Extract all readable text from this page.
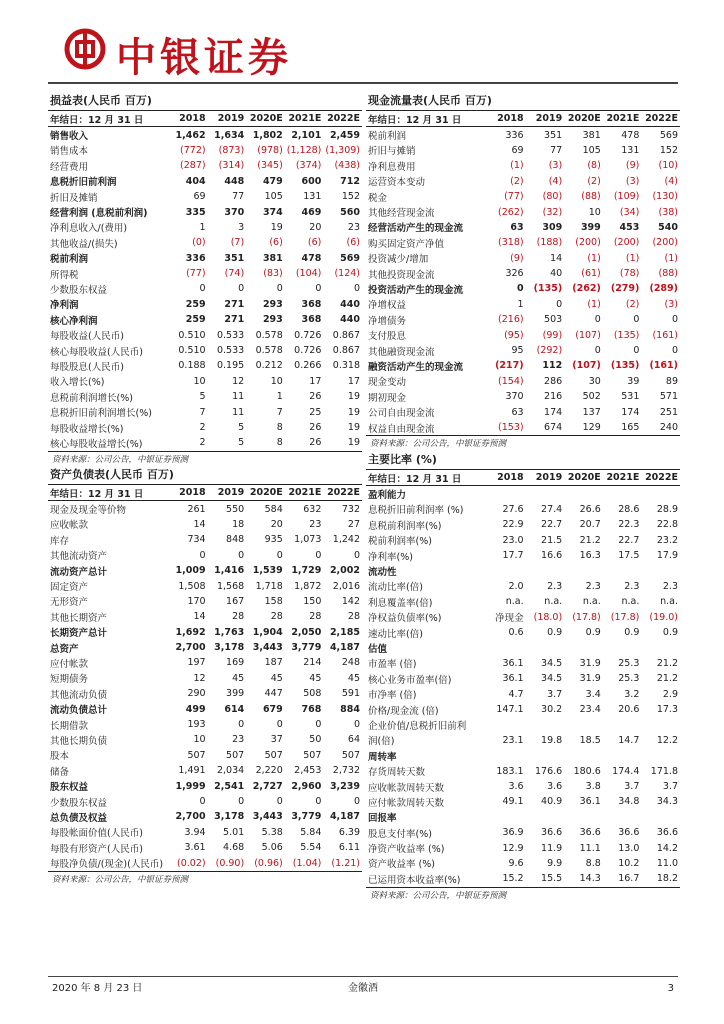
中银证券
损益表(人民币 百万)
年结日：12 月 31 日	2018	2019	2020E	2021E	2022E
销售收入	1,462	1,634	1,802	2,101	2,459
销售成本	(772)	(873)	(978)	(1,128)	(1,309)
经营费用	(287)	(314)	(345)	(374)	(438)
息税折旧前利润	404	448	479	600	712
折旧及摊销	69	77	105	131	152
经营利润 (息税前利润)	335	370	374	469	560
净利息收入/(费用)	1	3	19	20	23
其他收益/(损失)	(0)	(7)	(6)	(6)	(6)
税前利润	336	351	381	478	569
所得税	(77)	(74)	(83)	(104)	(124)
少数股东权益	0	0	0	0	0
净利润	259	271	293	368	440
核心净利润	259	271	293	368	440
每股收益(人民币)	0.510	0.533	0.578	0.726	0.867
核心每股收益(人民币)	0.510	0.533	0.578	0.726	0.867
每股股息(人民币)	0.188	0.195	0.212	0.266	0.318
收入增长(%)	10	12	10	17	17
息税前利润增长(%)	5	11	1	26	19
息税折旧前利润增长(%)	7	11	7	25	19
每股收益增长(%)	2	5	8	26	19
核心每股收益增长(%)	2	5	8	26	19
资料来源：公司公告，中银证券预测
资产负债表(人民币 百万)
年结日：12 月 31 日	2018	2019	2020E	2021E	2022E
现金及现金等价物	261	550	584	632	732
应收帐款	14	18	20	23	27
库存	734	848	935	1,073	1,242
其他流动资产	0	0	0	0	0
流动资产总计	1,009	1,416	1,539	1,729	2,002
固定资产	1,508	1,568	1,718	1,872	2,016
无形资产	170	167	158	150	142
其他长期资产	14	28	28	28	28
长期资产总计	1,692	1,763	1,904	2,050	2,185
总资产	2,700	3,178	3,443	3,779	4,187
应付帐款	197	169	187	214	248
短期债务	12	45	45	45	45
其他流动负债	290	399	447	508	591
流动负债总计	499	614	679	768	884
长期借款	193	0	0	0	0
其他长期负债	10	23	37	50	64
股本	507	507	507	507	507
储备	1,491	2,034	2,220	2,453	2,732
股东权益	1,999	2,541	2,727	2,960	3,239
少数股东权益	0	0	0	0	0
总负债及权益	2,700	3,178	3,443	3,779	4,187
每股帐面价值(人民币)	3.94	5.01	5.38	5.84	6.39
每股有形资产(人民币)	3.61	4.68	5.06	5.54	6.11
每股净负债/(现金)(人民币)	(0.02)	(0.90)	(0.96)	(1.04)	(1.21)
资料来源：公司公告，中银证券预测
现金流量表(人民币 百万)
年结日：12 月 31 日	2018	2019	2020E	2021E	2022E
税前利润	336	351	381	478	569
折旧与摊销	69	77	105	131	152
净利息费用	(1)	(3)	(8)	(9)	(10)
运营资本变动	(2)	(4)	(2)	(3)	(4)
税金	(77)	(80)	(88)	(109)	(130)
其他经营现金流	(262)	(32)	10	(34)	(38)
经营活动产生的现金流	63	309	399	453	540
购买固定资产净值	(318)	(188)	(200)	(200)	(200)
投资减少/增加	(9)	14	(1)	(1)	(1)
其他投资现金流	326	40	(61)	(78)	(88)
投资活动产生的现金流	0	(135)	(262)	(279)	(289)
净增权益	1	0	(1)	(2)	(3)
净增债务	(216)	503	0	0	0
支付股息	(95)	(99)	(107)	(135)	(161)
其他融资现金流	95	(292)	0	0	0
融资活动产生的现金流	(217)	112	(107)	(135)	(161)
现金变动	(154)	286	30	39	89
期初现金	370	216	502	531	571
公司自由现金流	63	174	137	174	251
权益自由现金流	(153)	674	129	165	240
资料来源：公司公告，中银证券预测
主要比率 (%)
年结日：12 月 31 日	2018	2019	2020E	2021E	2022E
盈利能力					
息税折旧前利润率 (%)	27.6	27.4	26.6	28.6	28.9
息税前利润率(%)	22.9	22.7	20.7	22.3	22.8
税前利润率(%)	23.0	21.5	21.2	22.7	23.2
净利率(%)	17.7	16.6	16.3	17.5	17.9
流动性					
流动比率(倍)	2.0	2.3	2.3	2.3	2.3
利息覆盖率(倍)	n.a.	n.a.	n.a.	n.a.	n.a.
净权益负债率(%)	净现金	(18.0)	(17.8)	(17.8)	(19.0)
速动比率(倍)	0.6	0.9	0.9	0.9	0.9
估值					
市盈率 (倍)	36.1	34.5	31.9	25.3	21.2
核心业务市盈率(倍)	36.1	34.5	31.9	25.3	21.2
市净率 (倍)	4.7	3.7	3.4	3.2	2.9
价格/现金流 (倍)	147.1	30.2	23.4	20.6	17.3
企业价值/息税折旧前利					
润(倍)	23.1	19.8	18.5	14.7	12.2
周转率					
存货周转天数	183.1	176.6	180.6	174.4	171.8
应收帐款周转天数	3.6	3.6	3.8	3.7	3.7
应付帐款周转天数	49.1	40.9	36.1	34.8	34.3
回报率					
股息支付率(%)	36.9	36.6	36.6	36.6	36.6
净资产收益率 (%)	12.9	11.9	11.1	13.0	14.2
资产收益率 (%)	9.6	9.9	8.8	10.2	11.0
已运用资本收益率(%)	15.2	15.5	14.3	16.7	18.2
资料来源：公司公告，中银证券预测
2020 年 8 月 23 日	金徽酒	3
